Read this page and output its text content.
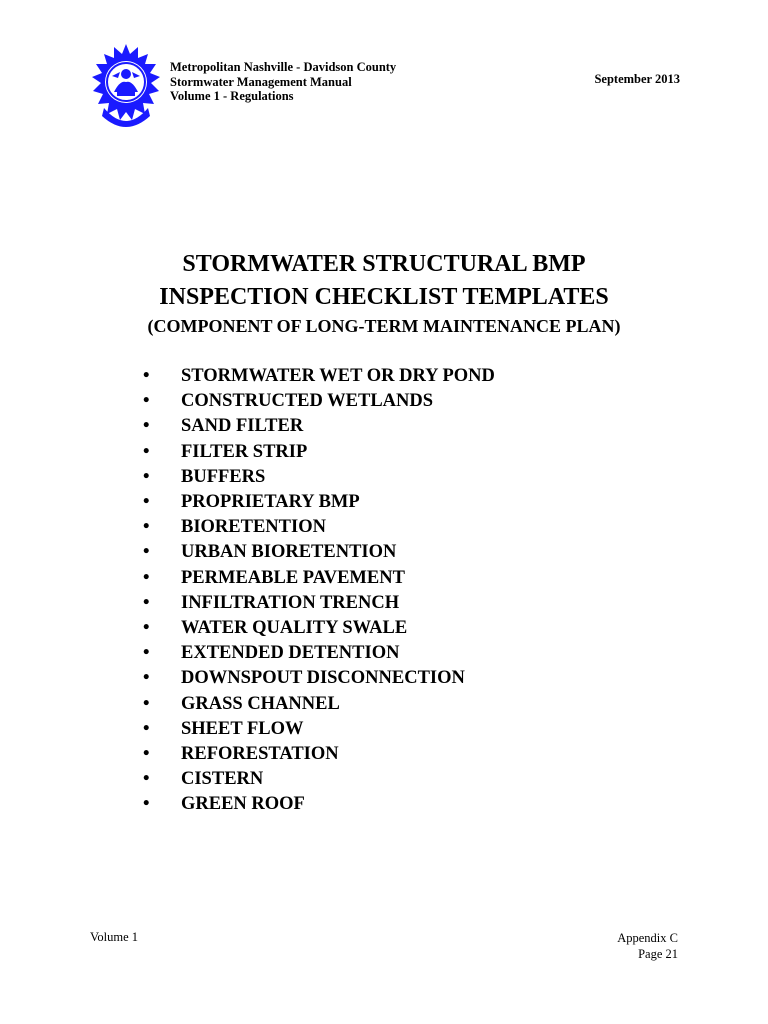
Metropolitan Nashville - Davidson County
Stormwater Management Manual
Volume 1 - Regulations
September 2013
STORMWATER STRUCTURAL BMP
INSPECTION CHECKLIST TEMPLATES
(COMPONENT OF LONG-TERM MAINTENANCE PLAN)
•	STORMWATER WET OR DRY POND
•	CONSTRUCTED WETLANDS
•	SAND FILTER
•	FILTER STRIP
•	BUFFERS
•	PROPRIETARY BMP
•	BIORETENTION
•	URBAN BIORETENTION
•	PERMEABLE PAVEMENT
•	INFILTRATION TRENCH
•	WATER QUALITY SWALE
•	EXTENDED DETENTION
•	DOWNSPOUT DISCONNECTION
•	GRASS CHANNEL
•	SHEET FLOW
•	REFORESTATION
•	CISTERN
•	GREEN ROOF
Volume 1	Appendix C
Page 21
